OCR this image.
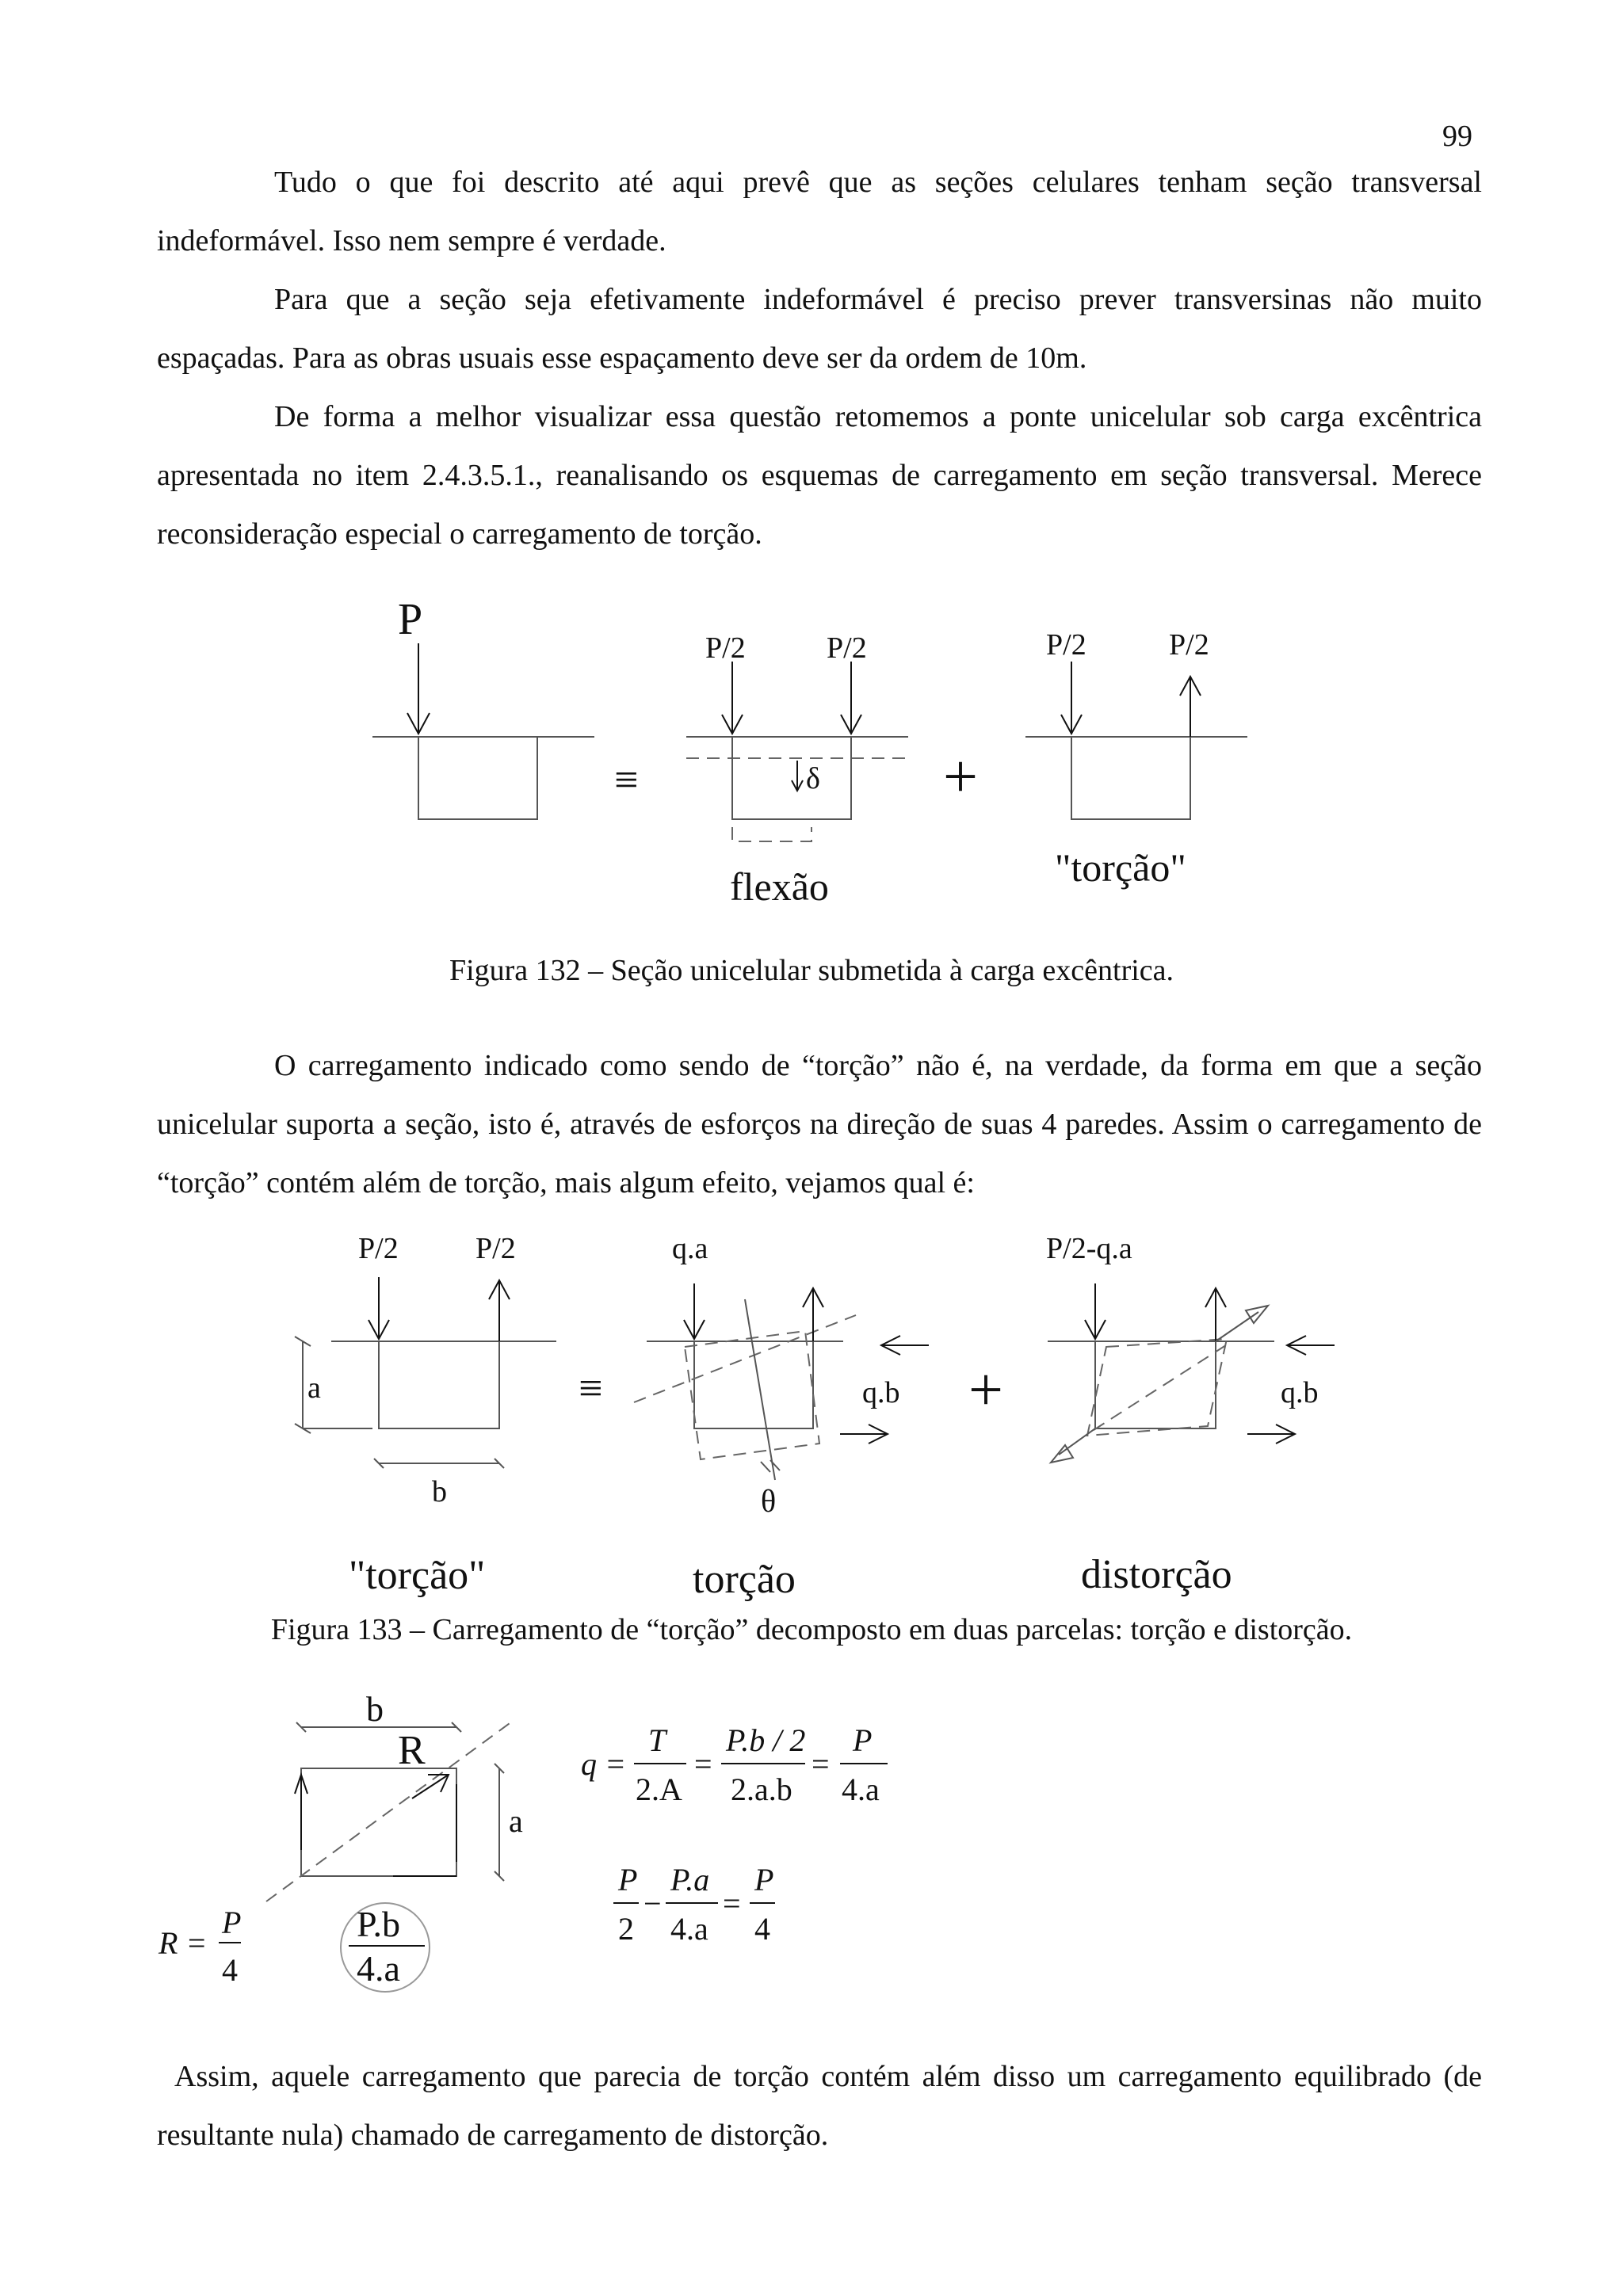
99

Tudo o que foi descrito até aqui prevê que as seções celulares tenham seção transversal indeformável. Isso nem sempre é verdade.

Para que a seção seja efetivamente indeformável é preciso prever transversinas não muito espaçadas. Para as obras usuais esse espaçamento deve ser da ordem de 10m.

De forma a melhor visualizar essa questão retomemos a ponte unicelular sob carga excêntrica apresentada no item 2.4.3.5.1., reanalisando os esquemas de carregamento em seção transversal. Merece reconsideração especial o carregamento de torção.

P
≡	δ
P/2	P/2
flexão
+
P/2	P/2
"torção"
Figura 132 – Seção unicelular submetida à carga excêntrica.

O carregamento indicado como sendo de “torção” não é, na verdade, da forma em que a seção unicelular suporta a seção, isto é, através de esforços na direção de suas 4 paredes. Assim o carregamento de “torção” contém além de torção, mais algum efeito, vejamos qual é:

P/2	P/2
a
b
"torção"
≡
q.a
q.b
θ
torção
+
P/2-q.a
q.b
distorção
Figura 133 – Carregamento de “torção” decomposto em duas parcelas: torção e distorção.
b
R
a
R =
P
4
P.b
4.a
q =
T
2.A
=
P.b / 2
2.a.b
=
P
4.a
P
2
−
P.a
4.a
=
P
4

Assim, aquele carregamento que parecia de torção contém além disso um carregamento equilibrado (de resultante nula) chamado de carregamento de distorção.
